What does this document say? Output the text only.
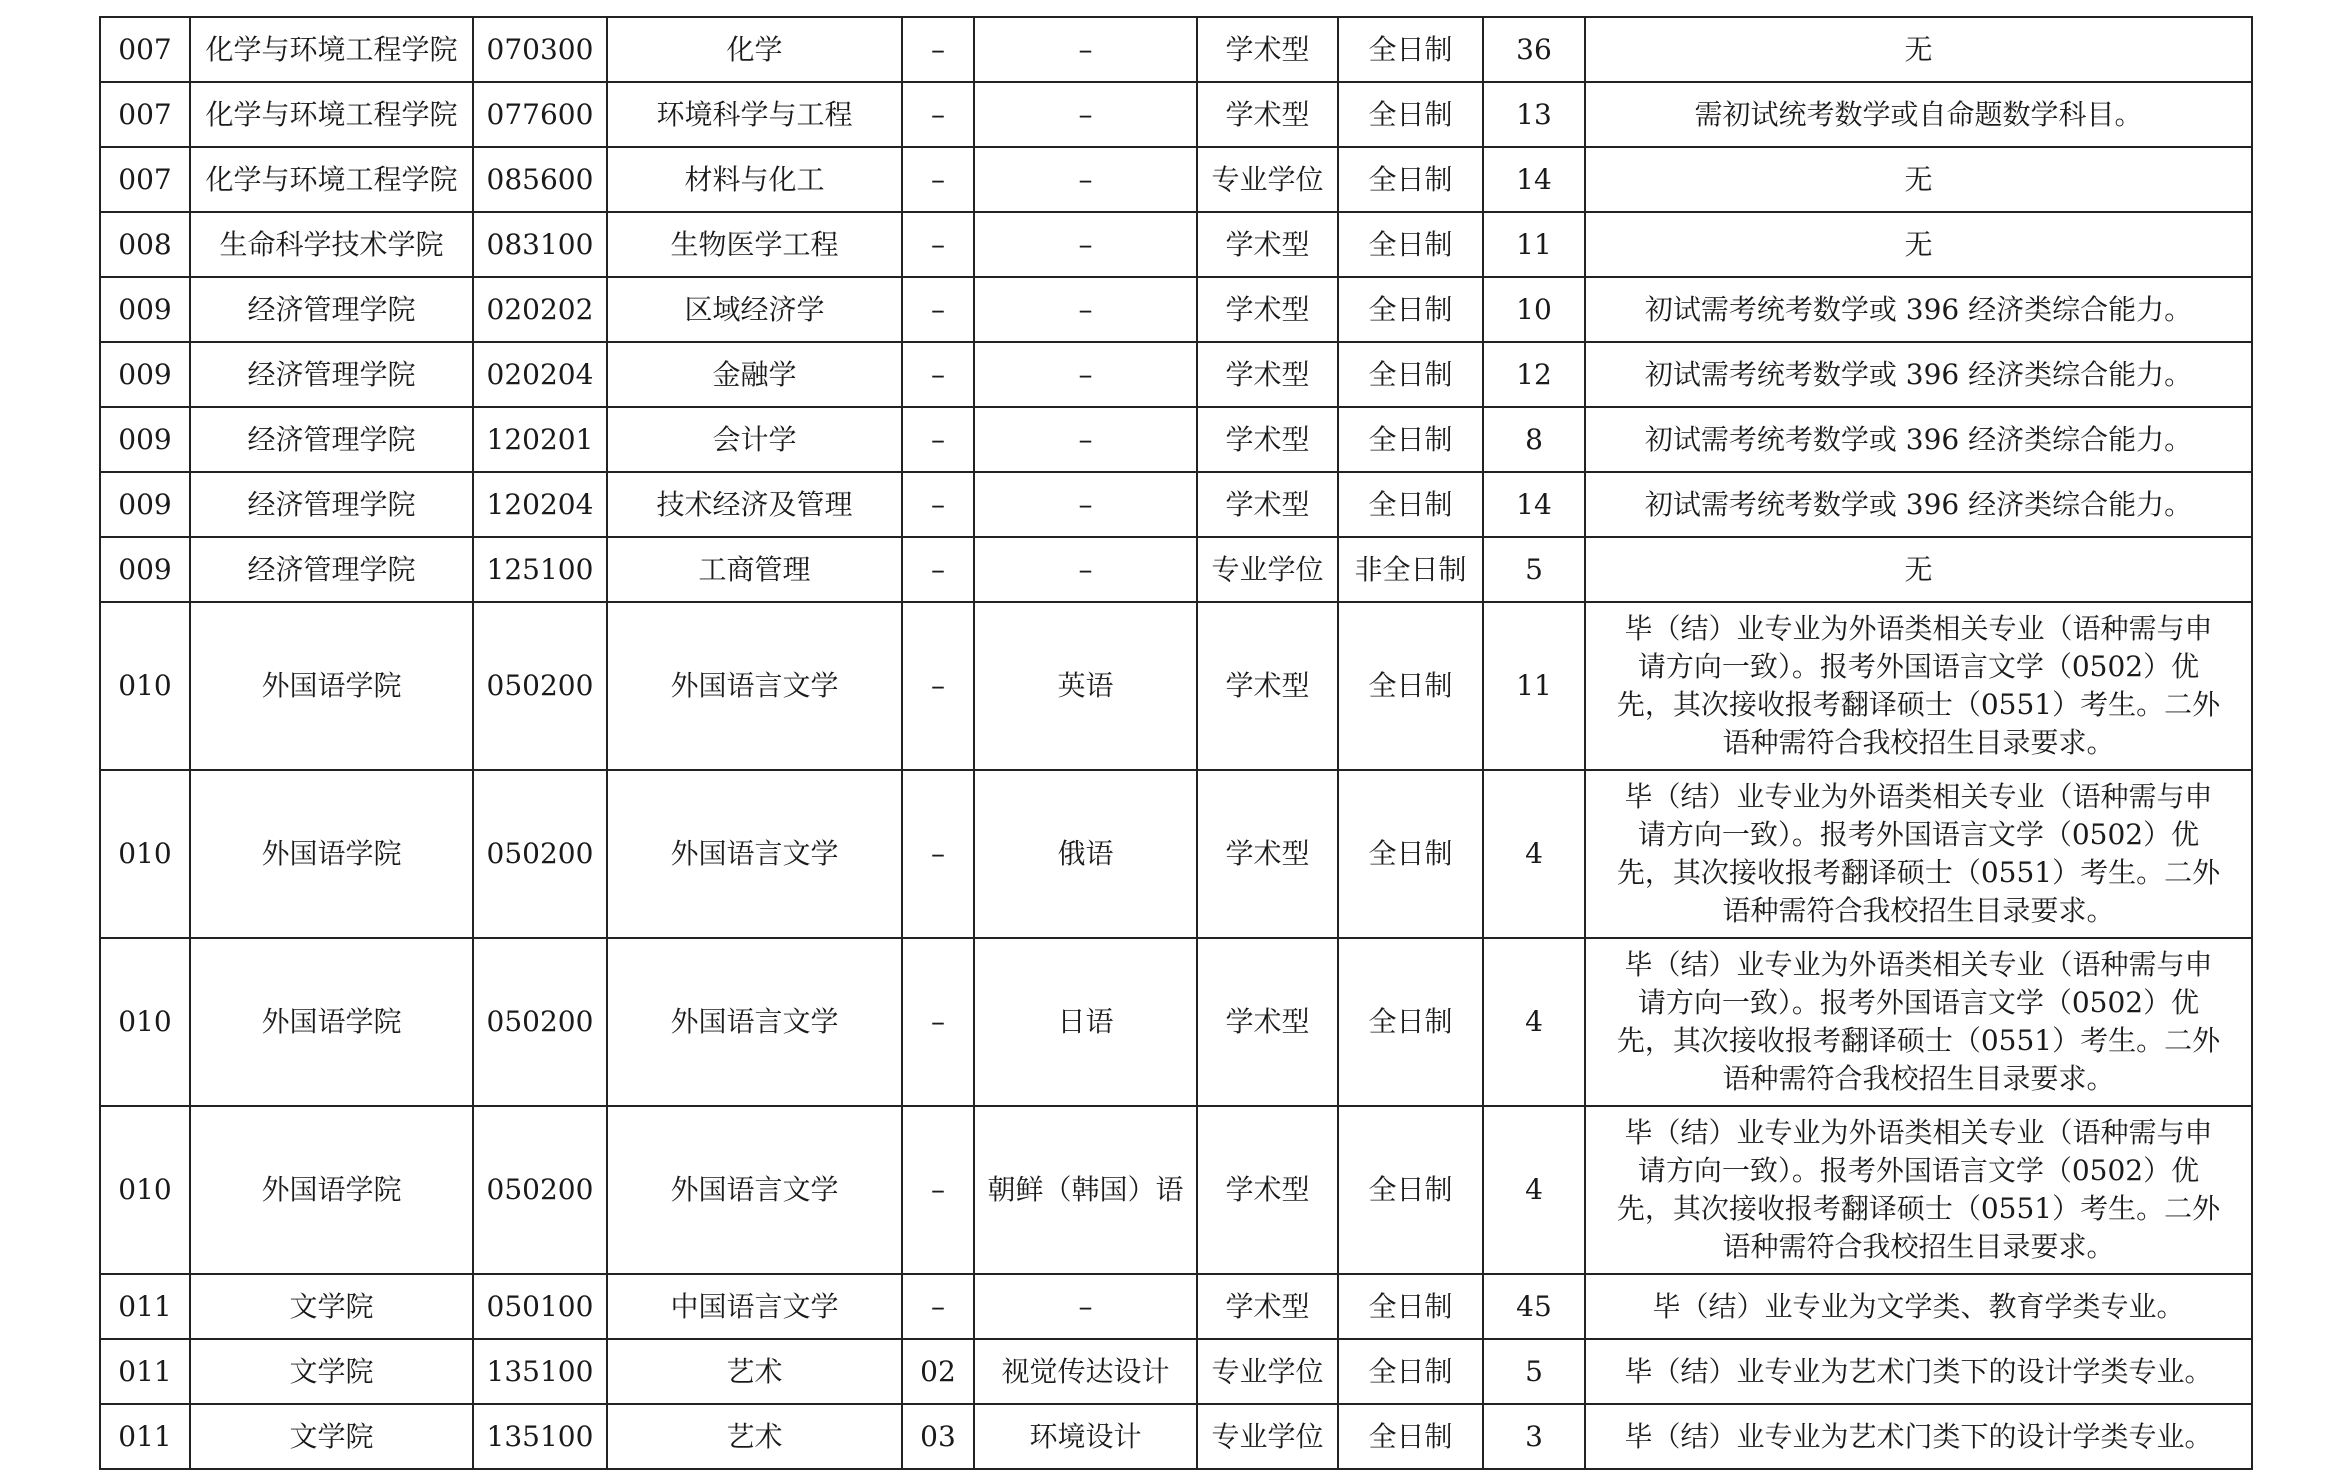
007	化学与环境工程学院	070300	化学	–	–	学术型	全日制	36	无
007	化学与环境工程学院	077600	环境科学与工程	–	–	学术型	全日制	13	需初试统考数学或自命题数学科目。
007	化学与环境工程学院	085600	材料与化工	–	–	专业学位	全日制	14	无
008	生命科学技术学院	083100	生物医学工程	–	–	学术型	全日制	11	无
009	经济管理学院	020202	区域经济学	–	–	学术型	全日制	10	初试需考统考数学或 396 经济类综合能力。
009	经济管理学院	020204	金融学	–	–	学术型	全日制	12	初试需考统考数学或 396 经济类综合能力。
009	经济管理学院	120201	会计学	–	–	学术型	全日制	8	初试需考统考数学或 396 经济类综合能力。
009	经济管理学院	120204	技术经济及管理	–	–	学术型	全日制	14	初试需考统考数学或 396 经济类综合能力。
009	经济管理学院	125100	工商管理	–	–	专业学位	非全日制	5	无
010	外国语学院	050200	外国语言文学	–	英语	学术型	全日制	11	毕（结）业专业为外语类相关专业（语种需与申请方向一致）。报考外国语言文学（0502）优先，其次接收报考翻译硕士（0551）考生。二外语种需符合我校招生目录要求。
010	外国语学院	050200	外国语言文学	–	俄语	学术型	全日制	4	毕（结）业专业为外语类相关专业（语种需与申请方向一致）。报考外国语言文学（0502）优先，其次接收报考翻译硕士（0551）考生。二外语种需符合我校招生目录要求。
010	外国语学院	050200	外国语言文学	–	日语	学术型	全日制	4	毕（结）业专业为外语类相关专业（语种需与申请方向一致）。报考外国语言文学（0502）优先，其次接收报考翻译硕士（0551）考生。二外语种需符合我校招生目录要求。
010	外国语学院	050200	外国语言文学	–	朝鲜（韩国）语	学术型	全日制	4	毕（结）业专业为外语类相关专业（语种需与申请方向一致）。报考外国语言文学（0502）优先，其次接收报考翻译硕士（0551）考生。二外语种需符合我校招生目录要求。
011	文学院	050100	中国语言文学	–	–	学术型	全日制	45	毕（结）业专业为文学类、教育学类专业。
011	文学院	135100	艺术	02	视觉传达设计	专业学位	全日制	5	毕（结）业专业为艺术门类下的设计学类专业。
011	文学院	135100	艺术	03	环境设计	专业学位	全日制	3	毕（结）业专业为艺术门类下的设计学类专业。
